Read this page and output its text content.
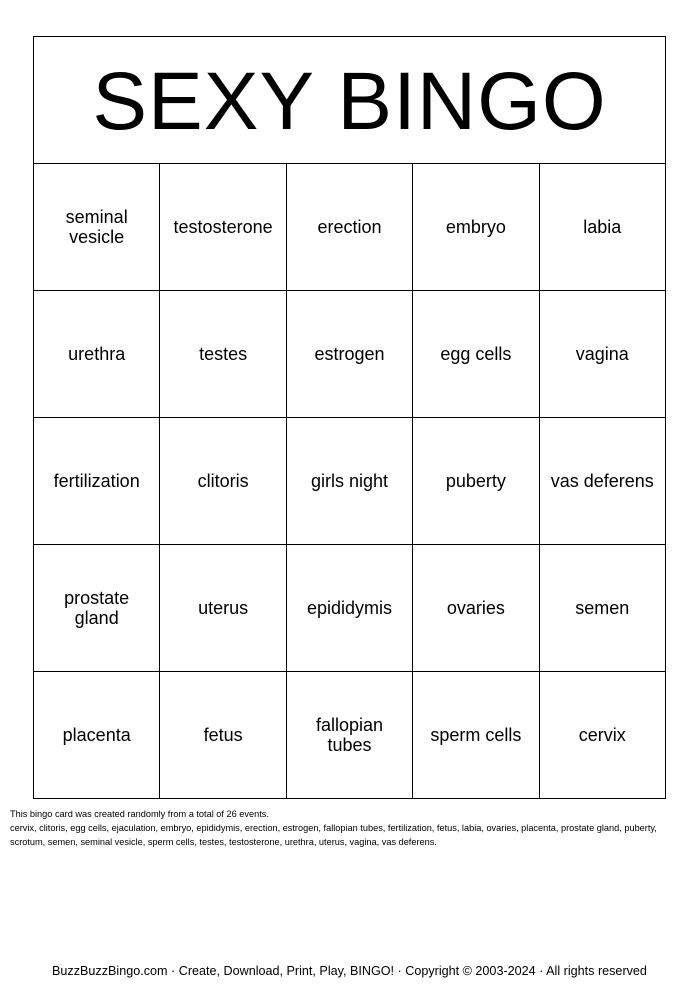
SEXY BINGO				
seminal vesicle	testosterone	erection	embryo	labia
urethra	testes	estrogen	egg cells	vagina
fertilization	clitoris	girls night	puberty	vas deferens
prostate gland	uterus	epididymis	ovaries	semen
placenta	fetus	fallopian tubes	sperm cells	cervix

This bingo card was created randomly from a total of 26 events.

cervix, clitoris, egg cells, ejaculation, embryo, epididymis, erection, estrogen, fallopian tubes, fertilization, fetus, labia, ovaries, placenta, prostate gland, puberty, scrotum, semen, seminal vesicle, sperm cells, testes, testosterone, urethra, uterus, vagina, vas deferens.

BuzzBuzzBingo.com · Create, Download, Print, Play, BINGO! · Copyright © 2003-2024 · All rights reserved
